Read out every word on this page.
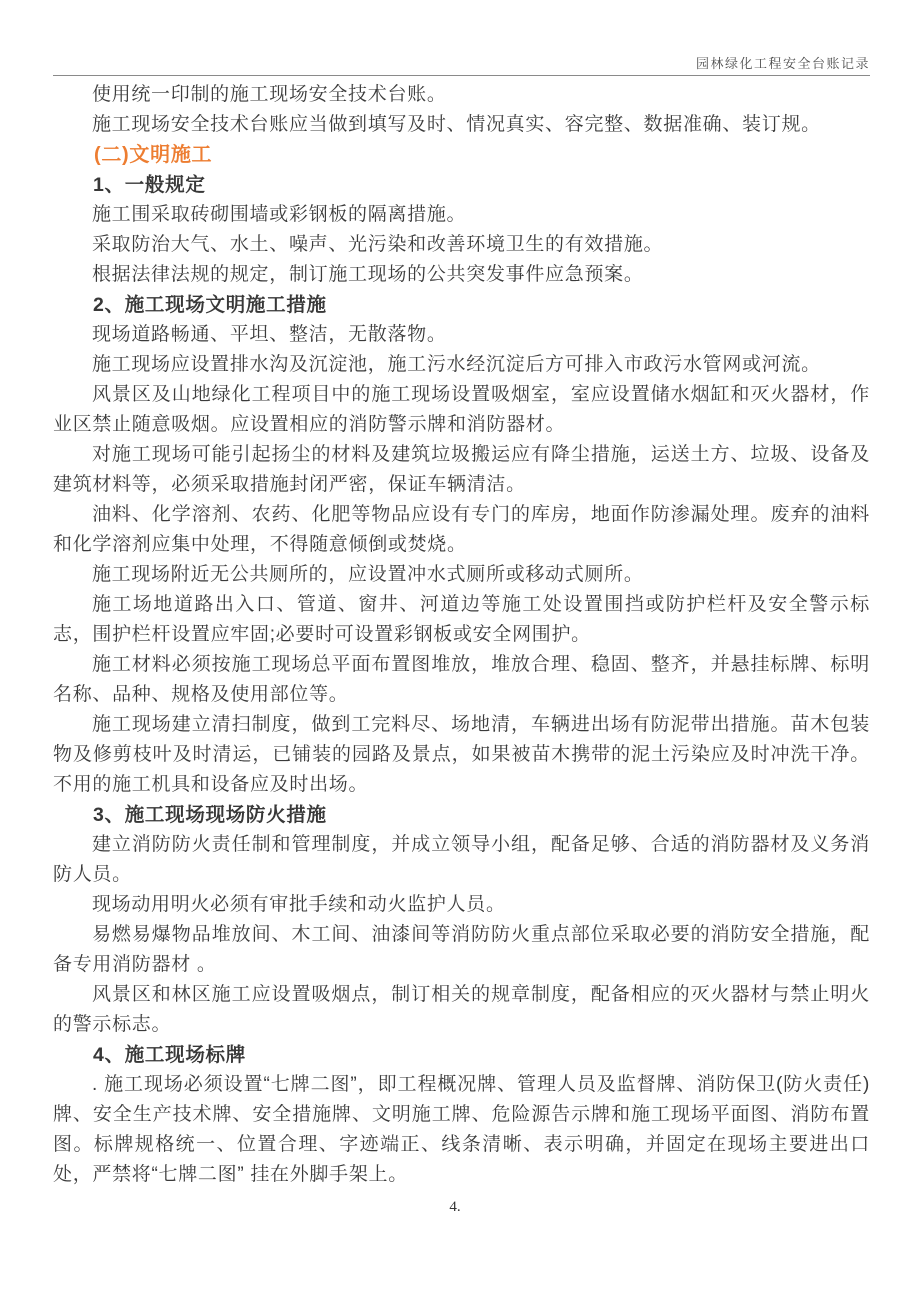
园林绿化工程安全台账记录

使用统一印制的施工现场安全技术台账。

施工现场安全技术台账应当做到填写及时、情况真实、容完整、数据准确、装订规。

(二)文明施工

1、一般规定

施工围采取砖砌围墙或彩钢板的隔离措施。

采取防治大气、水土、噪声、光污染和改善环境卫生的有效措施。

根据法律法规的规定，制订施工现场的公共突发事件应急预案。

2、施工现场文明施工措施

现场道路畅通、平坦、整洁，无散落物。

施工现场应设置排水沟及沉淀池，施工污水经沉淀后方可排入市政污水管网或河流。

风景区及山地绿化工程项目中的施工现场设置吸烟室，室应设置储水烟缸和灭火器材，作业区禁止随意吸烟。应设置相应的消防警示牌和消防器材。

对施工现场可能引起扬尘的材料及建筑垃圾搬运应有降尘措施，运送土方、垃圾、设备及建筑材料等，必须采取措施封闭严密，保证车辆清洁。

油料、化学溶剂、农药、化肥等物品应设有专门的库房，地面作防渗漏处理。废弃的油料和化学溶剂应集中处理，不得随意倾倒或焚烧。

施工现场附近无公共厕所的，应设置冲水式厕所或移动式厕所。

施工场地道路出入口、管道、窗井、河道边等施工处设置围挡或防护栏杆及安全警示标志，围护栏杆设置应牢固;必要时可设置彩钢板或安全网围护。

施工材料必须按施工现场总平面布置图堆放，堆放合理、稳固、整齐，并悬挂标牌、标明名称、品种、规格及使用部位等。

施工现场建立清扫制度，做到工完料尽、场地清，车辆进出场有防泥带出措施。苗木包装物及修剪枝叶及时清运，已铺装的园路及景点，如果被苗木携带的泥土污染应及时冲洗干净。不用的施工机具和设备应及时出场。

3、施工现场现场防火措施

建立消防防火责任制和管理制度，并成立领导小组，配备足够、合适的消防器材及义务消防人员。

现场动用明火必须有审批手续和动火监护人员。

易燃易爆物品堆放间、木工间、油漆间等消防防火重点部位采取必要的消防安全措施，配备专用消防器材 。

风景区和林区施工应设置吸烟点，制订相关的规章制度，配备相应的灭火器材与禁止明火的警示标志。

4、施工现场标牌

. 施工现场必须设置“七牌二图”，即工程概况牌、管理人员及监督牌、消防保卫(防火责任)牌、安全生产技术牌、安全措施牌、文明施工牌、危险源告示牌和施工现场平面图、消防布置图。标牌规格统一、位置合理、字迹端正、线条清晰、表示明确，并固定在现场主要进出口处，严禁将“七牌二图” 挂在外脚手架上。

4.
